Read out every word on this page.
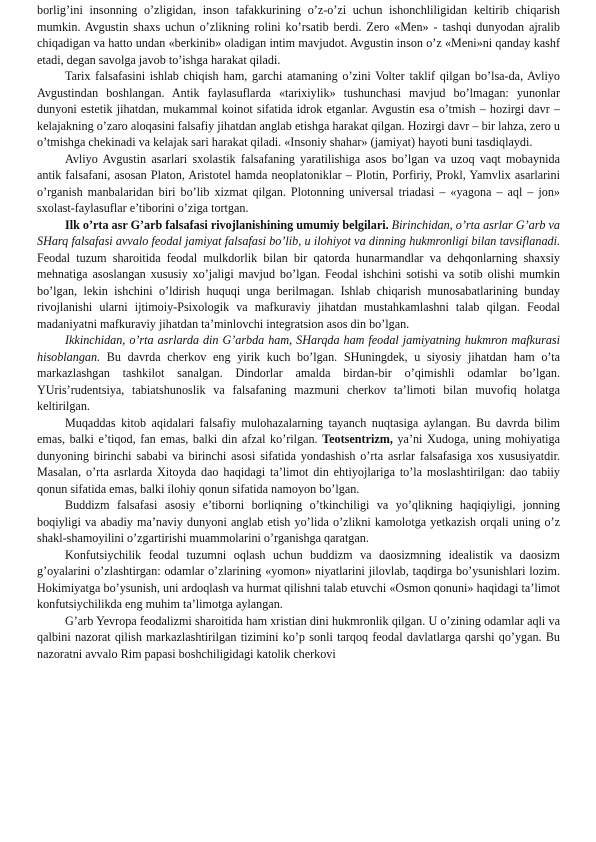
borlig’ini insonning o’zligidan, inson tafakkurining o’z-o’zi uchun ishonchliligidan keltirib chiqarish mumkin. Avgustin shaxs uchun o’zlikning rolini ko’rsatib berdi. Zero «Men» - tashqi dunyodan ajralib chiqadigan va hatto undan «berkinib» oladigan intim mavjudot. Avgustin inson o’z «Meni»ni qanday kashf etadi, degan savolga javob to’ishga harakat qiladi.

Tarix falsafasini ishlab chiqish ham, garchi atamaning o’zini Volter taklif qilgan bo’lsa-da, Avliyo Avgustindan boshlangan. Antik faylasuflarda «tarixiylik» tushunchasi mavjud bo’lmagan: yunonlar dunyoni estetik jihatdan, mukammal koinot sifatida idrok etganlar. Avgustin esa o’tmish – hozirgi davr – kelajakning o’zaro aloqasini falsafiy jihatdan anglab etishga harakat qilgan. Hozirgi davr – bir lahza, zero u o’tmishga chekinadi va kelajak sari harakat qiladi. «Insoniy shahar» (jamiyat) hayoti buni tasdiqlaydi.

Avliyo Avgustin asarlari sxolastik falsafaning yaratilishiga asos bo’lgan va uzoq vaqt mobaynida antik falsafani, asosan Platon, Aristotel hamda neoplatoniklar – Plotin, Porfiriy, Prokl, Yamvlix asarlarini o’rganish manbalaridan biri bo’lib xizmat qilgan. Plotonning universal triadasi – «yagona – aql – jon» sxolast-faylasuflar e’tiborini o’ziga tortgan.

Ilk o’rta asr G’arb falsafasi rivojlanishining umumiy belgilari. Birinchidan, o’rta asrlar G’arb va SHarq falsafasi avvalo feodal jamiyat falsafasi bo’lib, u ilohiyot va dinning hukmronligi bilan tavsiflanadi. Feodal tuzum sharoitida feodal mulkdorlik bilan bir qatorda hunarmandlar va dehqonlarning shaxsiy mehnatiga asoslangan xususiy xo’jaligi mavjud bo’lgan. Feodal ishchini sotishi va sotib olishi mumkin bo’lgan, lekin ishchini o’ldirish huquqi unga berilmagan. Ishlab chiqarish munosabatlarining bunday rivojlanishi ularni ijtimoiy-Psixologik va mafkuraviy jihatdan mustahkamlashni talab qilgan. Feodal madaniyatni mafkuraviy jihatdan ta’minlovchi integratsion asos din bo’lgan.

Ikkinchidan, o’rta asrlarda din G’arbda ham, SHarqda ham feodal jamiyatning hukmron mafkurasi hisoblangan. Bu davrda cherkov eng yirik kuch bo’lgan. SHuningdek, u siyosiy jihatdan ham o’ta markazlashgan tashkilot sanalgan. Dindorlar amalda birdan-bir o’qimishli odamlar bo’lgan. YUris’rudentsiya, tabiatshunoslik va falsafaning mazmuni cherkov ta’limoti bilan muvofiq holatga keltirilgan.

Muqaddas kitob aqidalari falsafiy mulohazalarning tayanch nuqtasiga aylangan. Bu davrda bilim emas, balki e’tiqod, fan emas, balki din afzal ko’rilgan. Teotsentrizm, ya’ni Xudoga, uning mohiyatiga dunyoning birinchi sababi va birinchi asosi sifatida yondashish o’rta asrlar falsafasiga xos xususiyatdir. Masalan, o’rta asrlarda Xitoyda dao haqidagi ta’limot din ehtiyojlariga to’la moslashtirilgan: dao tabiiy qonun sifatida emas, balki ilohiy qonun sifatida namoyon bo’lgan.

Buddizm falsafasi asosiy e’tiborni borliqning o’tkinchiligi va yo’qlikning haqiqiyligi, jonning boqiyligi va abadiy ma’naviy dunyoni anglab etish yo’lida o’zlikni kamolotga yetkazish orqali uning o’z shakl-shamoyilini o’zgartirishi muammolarini o’rganishga qaratgan.

Konfutsiychilik feodal tuzumni oqlash uchun buddizm va daosizmning idealistik va daosizm g’oyalarini o’zlashtirgan: odamlar o’zlarining «yomon» niyatlarini jilovlab, taqdirga bo’ysunishlari lozim. Hokimiyatga bo’ysunish, uni ardoqlash va hurmat qilishni talab etuvchi «Osmon qonuni» haqidagi ta’limot konfutsiychilikda eng muhim ta’limotga aylangan.

G’arb Yevropa feodalizmi sharoitida ham xristian dini hukmronlik qilgan. U o’zining odamlar aqli va qalbini nazorat qilish markazlashtirilgan tizimini ko’p sonli tarqoq feodal davlatlarga qarshi qo’ygan. Bu nazoratni avvalo Rim papasi boshchiligidagi katolik cherkovi
